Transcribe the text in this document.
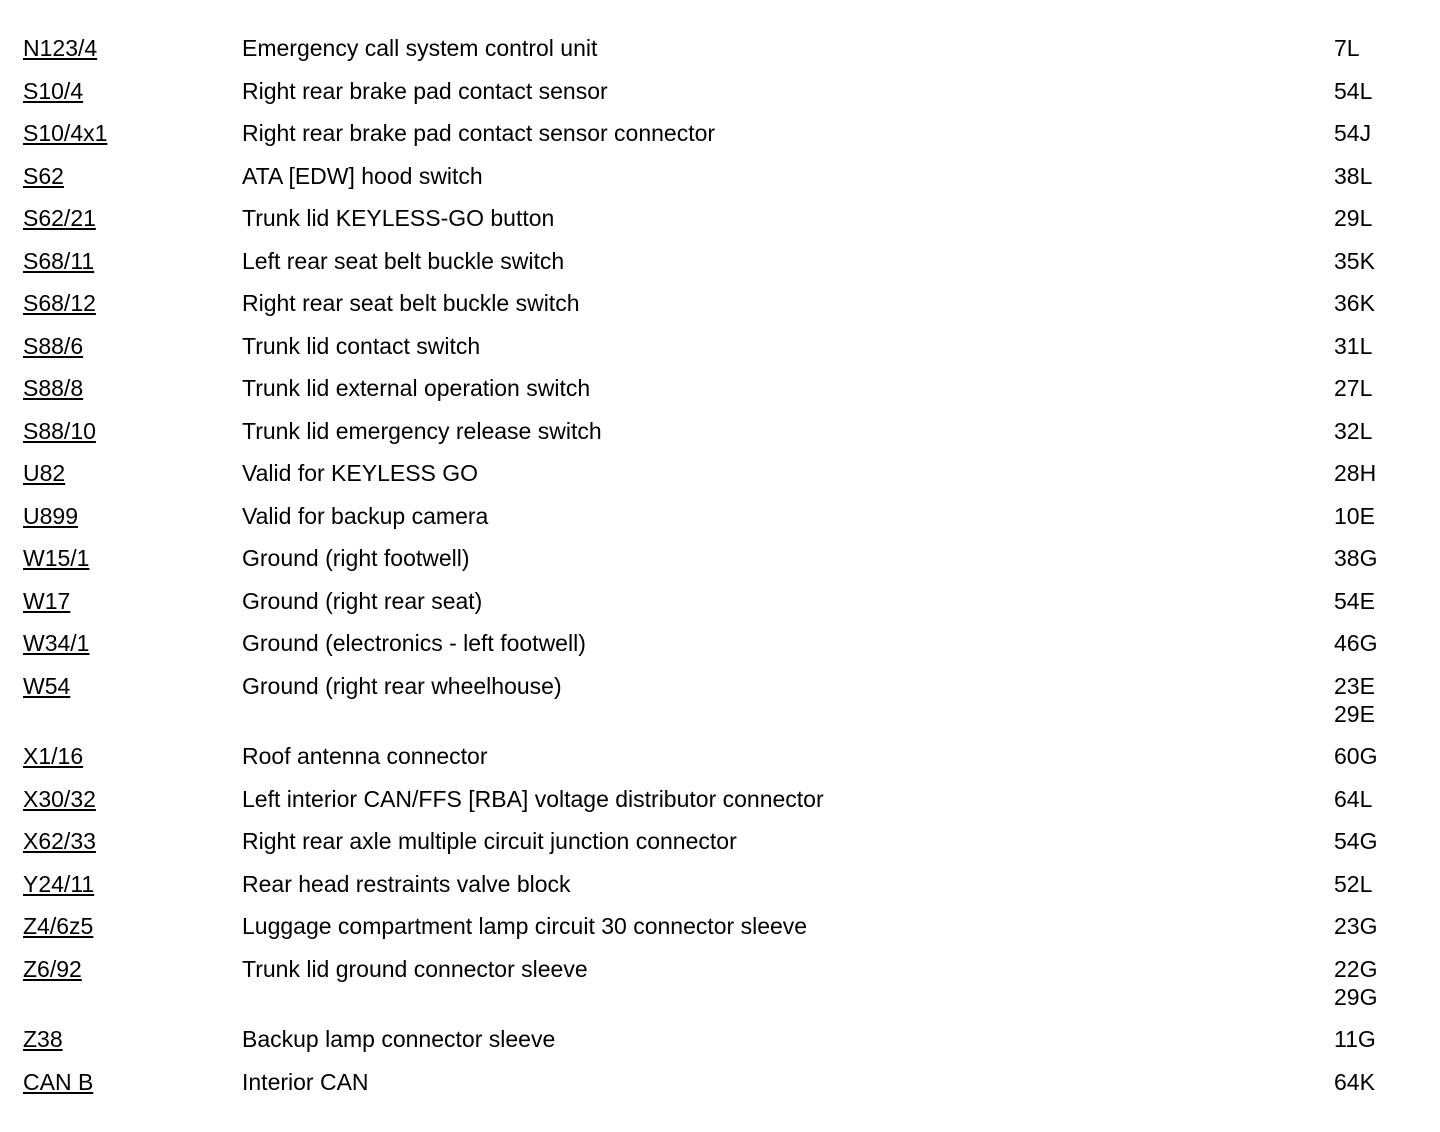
N123/4	Emergency call system control unit	7L
S10/4	Right rear brake pad contact sensor	54L
S10/4x1	Right rear brake pad contact sensor connector	54J
S62	ATA [EDW] hood switch	38L
S62/21	Trunk lid KEYLESS-GO button	29L
S68/11	Left rear seat belt buckle switch	35K
S68/12	Right rear seat belt buckle switch	36K
S88/6	Trunk lid contact switch	31L
S88/8	Trunk lid external operation switch	27L
S88/10	Trunk lid emergency release switch	32L
U82	Valid for KEYLESS GO	28H
U899	Valid for backup camera	10E
W15/1	Ground (right footwell)	38G
W17	Ground (right rear seat)	54E
W34/1	Ground (electronics - left footwell)	46G
W54	Ground (right rear wheelhouse)	23E
29E
X1/16	Roof antenna connector	60G
X30/32	Left interior CAN/FFS [RBA] voltage distributor connector	64L
X62/33	Right rear axle multiple circuit junction connector	54G
Y24/11	Rear head restraints valve block	52L
Z4/6z5	Luggage compartment lamp circuit 30 connector sleeve	23G
Z6/92	Trunk lid ground connector sleeve	22G
29G
Z38	Backup lamp connector sleeve	11G
CAN B	Interior CAN	64K
